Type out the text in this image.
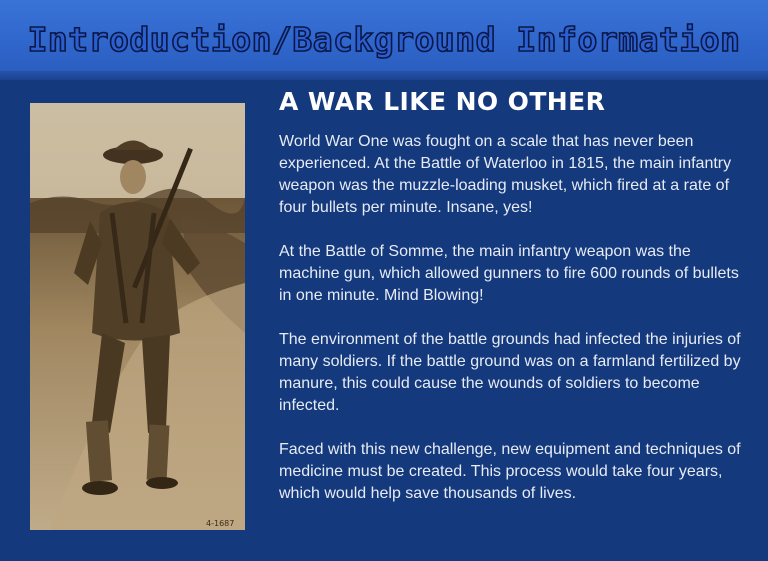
Introduction/Background Information
4-1687
A WAR LIKE NO OTHER

World War One was fought on a scale that has never been experienced. At the Battle of Waterloo in 1815, the main infantry weapon was the muzzle-loading musket, which fired at a rate of four bullets per minute. Insane, yes!

At the Battle of Somme, the main infantry weapon was the machine gun, which allowed gunners to fire 600 rounds of bullets in one minute. Mind Blowing!

The environment of the battle grounds had infected the injuries of many soldiers. If the battle ground was on a farmland fertilized by manure, this could cause the wounds of soldiers to become infected.

Faced with this new challenge, new equipment and techniques of medicine must be created. This process would take four years, which would help save thousands of lives.
